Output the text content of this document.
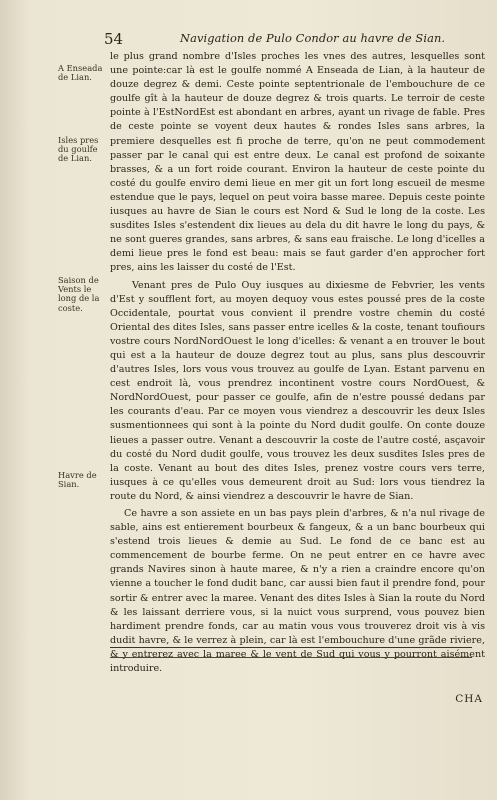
54	Navigation de Pulo Condor au havre de Sian.
A Enseada de Lian.
Isles pres du goulfe de Lian.
Saison de Vents le long de la coste.
Havre de Sian.

le plus grand nombre d'Isles proches les vnes des autres, lesquelles sont une pointe:car là est le goulfe nommé A Enseada de Lian, à la hauteur de douze degrez & demi. Ceste pointe septentrionale de l'embouchure de ce goulfe gît à la hauteur de douze degrez & trois quarts. Le terroir de ceste pointe à l'EstNordEst est abondant en arbres, ayant un rivage de fable. Pres de ceste pointe se voyent deux hautes & rondes Isles sans arbres, la premiere desquelles est fi proche de terre, qu'on ne peut commodement passer par le canal qui est entre deux. Le canal est profond de soixante brasses, & a un fort roide courant. Environ la hauteur de ceste pointe du costé du goulfe enviro demi lieue en mer git un fort long escueil de mesme estendue que le pays, lequel on peut voira basse maree. Depuis ceste pointe iusques au havre de Sian le cours est Nord & Sud le long de la coste. Les susdites Isles s'estendent dix lieues au dela du dit havre le long du pays, & ne sont gueres grandes, sans arbres, & sans eau fraische. Le long d'icelles a demi lieue pres le fond est beau: mais se faut garder d'en approcher fort pres, ains les laisser du costé de l'Est.

Venant pres de Pulo Ouy iusques au dixiesme de Febvrier, les vents d'Est y soufflent fort, au moyen dequoy vous estes poussé pres de la coste Occidentale, pourtat vous convient il prendre vostre chemin du costé Oriental des dites Isles, sans passer entre icelles & la coste, tenant toufiours vostre cours NordNordOuest le long d'icelles: & venant a en trouver le bout qui est a la hauteur de douze degrez tout au plus, sans plus descouvrir d'autres Isles, lors vous vous trouvez au goulfe de Lyan. Estant parvenu en cest endroit là, vous prendrez incontinent vostre cours NordOuest, & NordNordOuest, pour passer ce goulfe, afin de n'estre poussé dedans par les courants d'eau. Par ce moyen vous viendrez a descouvrir les deux Isles susmentionnees qui sont à la pointe du Nord dudit goulfe. On conte douze lieues a passer outre. Venant a descouvrir la coste de l'autre costé, asçavoir du costé du Nord dudit goulfe, vous trouvez les deux susdites Isles pres de la coste. Venant au bout des dites Isles, prenez vostre cours vers terre, iusques à ce qu'elles vous demeurent droit au Sud: lors vous tiendrez la route du Nord, & ainsi viendrez a descouvrir le havre de Sian.

Ce havre a son assiete en un bas pays plein d'arbres, & n'a nul rivage de sable, ains est entierement bourbeux & fangeux, & a un banc bourbeux qui s'estend trois lieues & demie au Sud. Le fond de ce banc est au commencement de bourbe ferme. On ne peut entrer en ce havre avec grands Navires sinon à haute maree, & n'y a rien a craindre encore qu'on vienne a toucher le fond dudit banc, car aussi bien faut il prendre fond, pour sortir & entrer avec la maree. Venant des dites Isles à Sian la route du Nord & les laissant derriere vous, si la nuict vous surprend, vous pouvez bien hardiment prendre fonds, car au matin vous vous trouverez droit vis à vis dudit havre, & le verrez à plein, car là est l'embouchure d'une grãde riviere, & y entrerez avec la maree & le vent de Sud qui vous y pourront aisément introduire.

CHA
